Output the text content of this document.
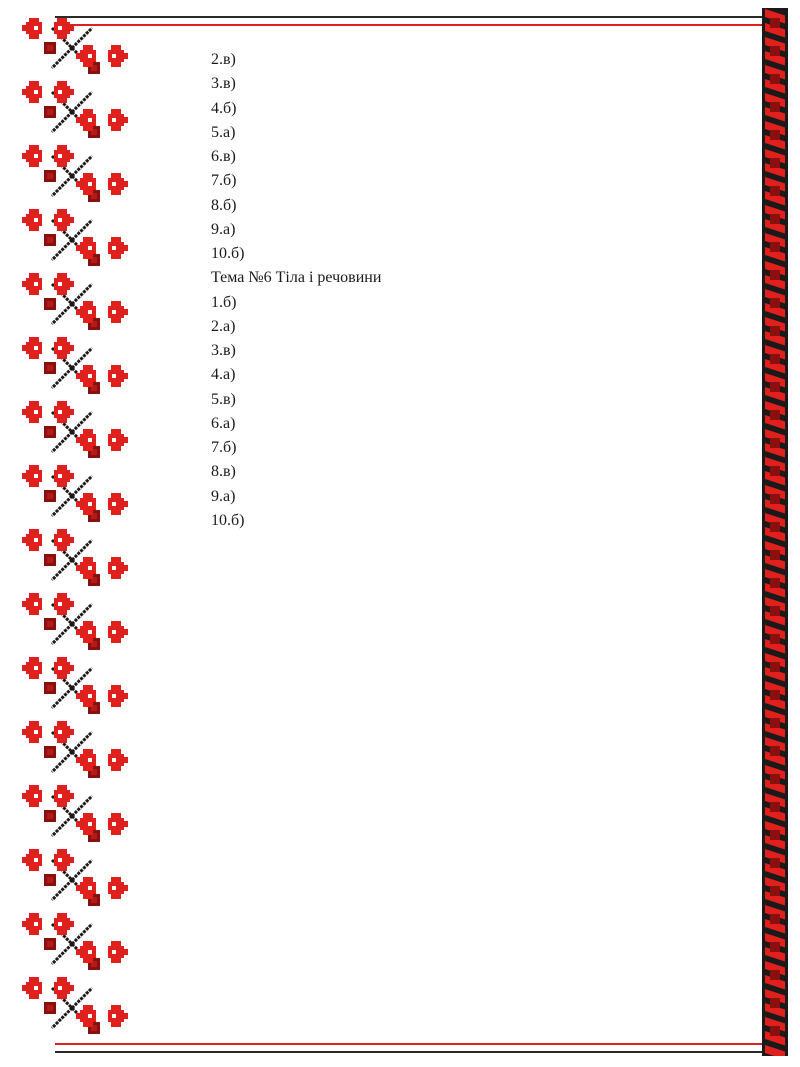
2.в)
3.в)
4.б)
5.а)
6.в)
7.б)
8.б)
9.а)
10.б)
Тема №6 Тіла і речовини
1.б)
2.а)
3.в)
4.а)
5.в)
6.а)
7.б)
8.в)
9.а)
10.б)
